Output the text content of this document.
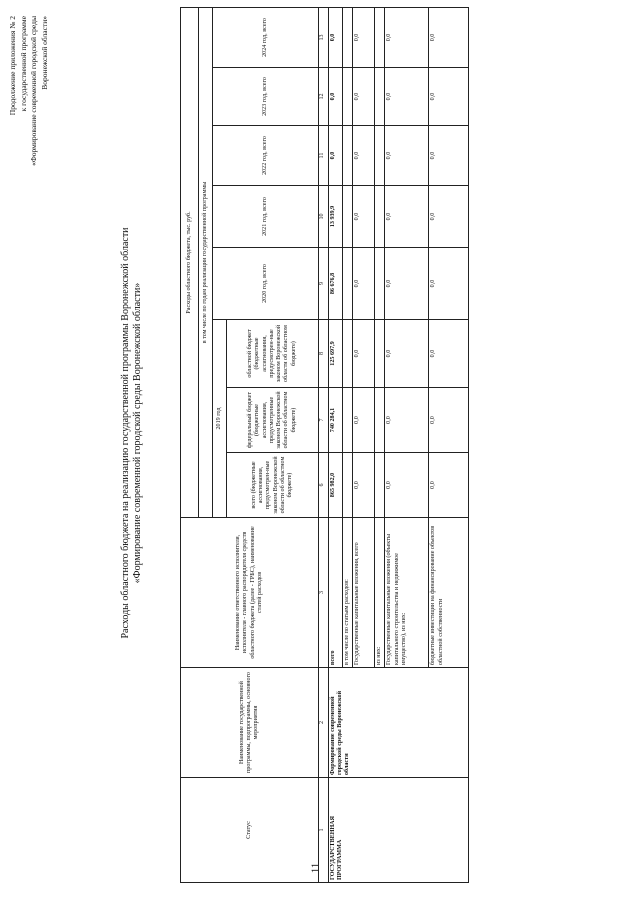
11
Продолжение приложения № 2 к государственной программе «Формирование современной городской среды Воронежской области»
Расходы областного бюджета на реализацию государственной программы Воронежской области «Формирование современной городской среды Воронежской области»
Статус	Наименование государственной программы, подпрограммы, основного мероприятия	Наименование ответственного исполнителя, исполнителя - главного распорядителя средств областного бюджета (далее - ГРБС), наименование статей расходов	Расходы областного бюджета, тыс. руб.							
			в том числе по годам реализации государственной программы							
			2019 год			2020 год, всего	2021 год, всего	2022 год, всего	2023 год, всего	2024 год, всего
			всего (бюджетные ассигнования, предусмотрен-ные законом Воронежской области об областном бюджете)	федеральный бюджет (бюджетные ассигнования, предусмотренные законом Воронежской области об областном бюджете)	областной бюджет (бюджетные ассигнования, предусмотрен-ные законом Воронежской области об областном бюджете)					
1	2	3	6	7	8	9	10	11	12	13
ГОСУДАРСТВЕННАЯ ПРОГРАММА	Формирование современной городской среды Воронежской области	всего	865 982,0	740 284,1	125 697,9	86 676,8	13 939,9	0,0	0,0	0,0
		в том числе по статьям расходов:								
		Государственные капитальные вложения, всего	0,0	0,0	0,0	0,0	0,0	0,0	0,0	0,0
		из них:								
		Государственные капитальные вложения (объекты капитального строительства и недвижимое имущество), из них:	0,0	0,0	0,0	0,0	0,0	0,0	0,0	0,0
		бюджетные инвестиции на финансирование объектов областной собственности	0,0	0,0	0,0	0,0	0,0	0,0	0,0	0,0
